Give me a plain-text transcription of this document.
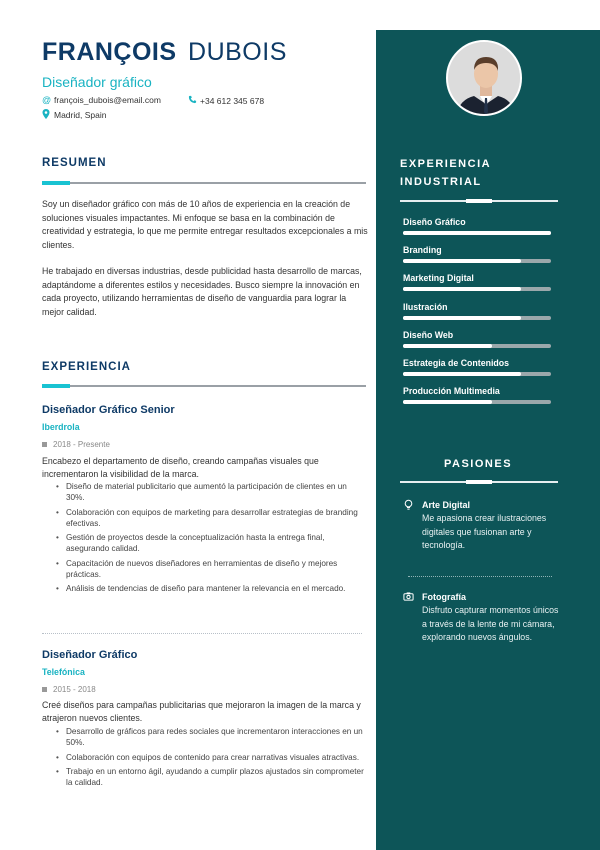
FRANÇOIS DUBOIS
Diseñador gráfico
@ françois_dubois@email.com	+34 612 345 678
Madrid, Spain
RESUMEN
Soy un diseñador gráfico con más de 10 años de experiencia en la creación de soluciones visuales impactantes. Mi enfoque se basa en la combinación de creatividad y estrategia, lo que me permite entregar resultados excepcionales a mis clientes.
He trabajado en diversas industrias, desde publicidad hasta desarrollo de marcas, adaptándome a diferentes estilos y necesidades. Busco siempre la innovación en cada proyecto, utilizando herramientas de diseño de vanguardia para lograr la mejor calidad.
EXPERIENCIA
Diseñador Gráfico Senior
Iberdrola
2018 - Presente
Encabezo el departamento de diseño, creando campañas visuales que incrementaron la visibilidad de la marca.
• Diseño de material publicitario que aumentó la participación de clientes en un 30%.
• Colaboración con equipos de marketing para desarrollar estrategias de branding efectivas.
• Gestión de proyectos desde la conceptualización hasta la entrega final, asegurando calidad.
• Capacitación de nuevos diseñadores en herramientas de diseño y mejores prácticas.
• Análisis de tendencias de diseño para mantener la relevancia en el mercado.
Diseñador Gráfico
Telefónica
2015 - 2018
Creé diseños para campañas publicitarias que mejoraron la imagen de la marca y atrajeron nuevos clientes.
• Desarrollo de gráficos para redes sociales que incrementaron interacciones en un 50%.
• Colaboración con equipos de contenido para crear narrativas visuales atractivas.
• Trabajo en un entorno ágil, ayudando a cumplir plazos ajustados sin comprometer la calidad.
EXPERIENCIA
INDUSTRIAL
Diseño Gráfico
Branding
Marketing Digital
Ilustración
Diseño Web
Estrategia de Contenidos
Producción Multimedia
PASIONES
Arte Digital
Me apasiona crear ilustraciones digitales que fusionan arte y tecnología.
Fotografía
Disfruto capturar momentos únicos a través de la lente de mi cámara, explorando nuevos ángulos.
